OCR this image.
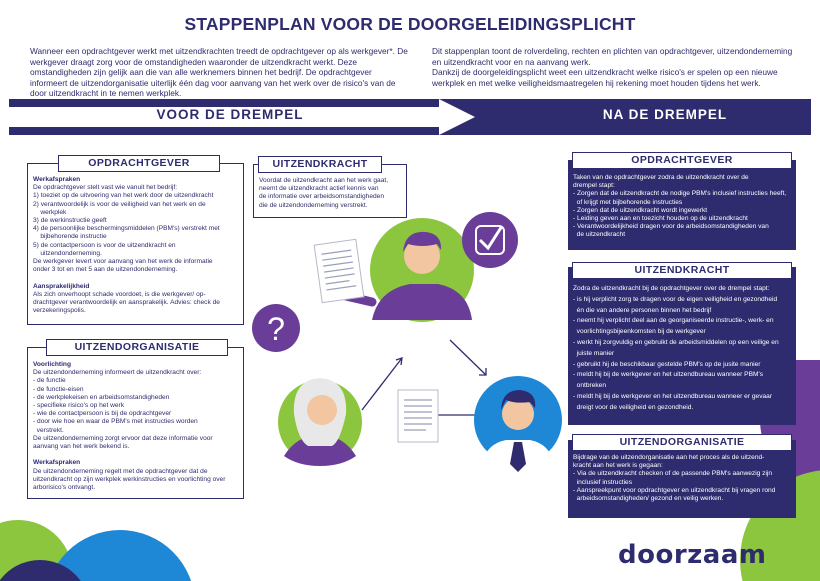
STAPPENPLAN VOOR DE DOORGELEIDINGSPLICHT
Wanneer een opdrachtgever werkt met uitzendkrachten treedt de opdrachtgever op als werkgever*. De werkgever draagt zorg voor de omstandigheden waaronder de uitzendkracht werkt. Deze omstandigheden zijn gelijk aan die van alle werknemers binnen het bedrijf. De opdrachtgever informeert de uitzendorganisatie uiterlijk één dag voor aanvang van het werk over de risico's van de door uitzendkracht in te nemen werkplek.
Dit stappenplan toont de rolverdeling, rechten en plichten van opdrachtgever, uitzendonderneming en uitzendkracht voor en na aanvang werk.
Dankzij de doorgeleidingsplicht weet een uitzendkracht welke risico's er spelen op een nieuwe werkplek en met welke veiligheidsmaatregelen hij rekening moet houden tijdens het werk.
VOOR DE DREMPEL	NA DE DREMPEL
OPDRACHTGEVER
Werkafspraken
De opdrachtgever stelt vast wie vanuit het bedrijf:
1) toeziet op de uitvoering van het werk door de uitzendkracht
2) verantwoordelijk is voor de veiligheid van het werk en de
werkplek
3) de werkinstructie geeft
4) de persoonlijke beschermingsmiddelen (PBM's) verstrekt met
bijbehorende instructie
5) de contactpersoon is voor de uitzendkracht en
uitzendonderneming.
De werkgever levert voor aanvang van het werk de informatie
onder 3 tot en met 5 aan de uitzendonderneming.

Aansprakelijkheid
Als zich onverhoopt schade voordoet, is die werkgever/ op-
drachtgever verantwoordelijk en aansprakelijk. Advies: check de
verzekeringspolis.
UITZENDORGANISATIE
Voorlichting
De uitzendonderneming informeert de uitzendkracht over:
- de functie
- de functie-eisen
- de werkplekeisen en arbeidsomstandigheden
- specifieke risico's op het werk
- wie de contactpersoon is bij de opdrachtgever
- door wie hoe en waar de PBM's met instructies worden
verstrekt.
De uitzendonderneming zorgt ervoor dat deze informatie voor
aanvang van het werk bekend is.

Werkafspraken
De uitzendonderneming regelt met de opdrachtgever dat de
uitzendkracht op zijn werkplek werkinstructies en voorlichting over
arborisico's ontvangt.
UITZENDKRACHT
Voordat de uitzendkracht aan het werk gaat,
neemt de uitzendkracht actief kennis van
de informatie over arbeidsomstandigheden
die de uitzendonderneming verstrekt.
?
OPDRACHTGEVER
Taken van de opdrachtgever zodra de uitzendkracht over de
drempel stapt:
- Zorgen dat de uitzendkracht de nodige PBM's inclusief instructies heeft,
of krijgt met bijbehorende instructies
- Zorgen dat de uitzendkracht wordt ingewerkt
- Leiding geven aan en toezicht houden op de uitzendkracht
- Verantwoordelijkheid dragen voor de arbeidsomstandigheden van
de uitzendkracht
UITZENDKRACHT
Zodra de uitzendkracht bij de opdrachtgever over de drempel stapt:
- is hij verplicht zorg te dragen voor de eigen veiligheid en gezondheid
én die van andere personen binnen het bedrijf
- neemt hij verplicht deel aan de georganiseerde instructie-, werk- en
voorlichtingsbijeenkomsten bij de werkgever
- werkt hij zorgvuldig en gebruikt de arbeidsmiddelen op een veilige en
juiste manier
- gebruikt hij de beschikbaar gestelde PBM's op de jusite manier
- meldt hij bij de werkgever en het uitzendbureau wanneer PBM's
ontbreken
- meldt hij bij de werkgever en het uitzendbureau wanneer er gevaar
dreigt voor de veiligheid en gezondheid.
UITZENDORGANISATIE
Bijdrage van de uitzendorganisatie aan het proces als de uitzend-
kracht aan het werk is gegaan:
- Via de uitzendkracht checken of de passende PBM's aanwezig zijn
inclusief instructies
- Aanspreekpunt voor opdrachtgever en uitzendkracht bij vragen rond
arbeidsomstandigheden/ gezond en veilig werken.
doorzaam
